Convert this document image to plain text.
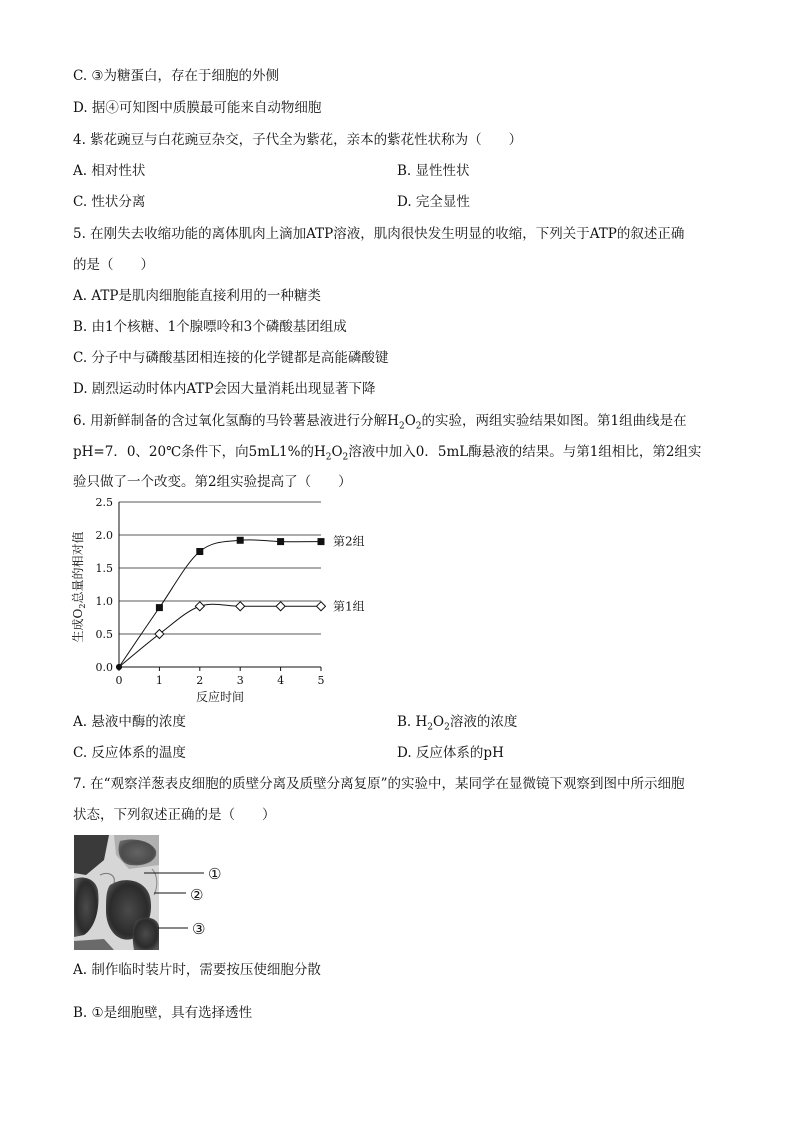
C. ③为糖蛋白，存在于细胞的外侧
D. 据④可知图中质膜最可能来自动物细胞
4. 紫花豌豆与白花豌豆杂交，子代全为紫花，亲本的紫花性状称为（　　）
A. 相对性状	B. 显性性状
C. 性状分离	D. 完全显性
5. 在刚失去收缩功能的离体肌肉上滴加ATP溶液，肌肉很快发生明显的收缩，下列关于ATP的叙述正确
的是（　　）
A. ATP是肌肉细胞能直接利用的一种糖类
B. 由1个核糖、1个腺嘌呤和3个磷酸基团组成
C. 分子中与磷酸基团相连接的化学键都是高能磷酸键
D. 剧烈运动时体内ATP会因大量消耗出现显著下降
6. 用新鲜制备的含过氧化氢酶的马铃薯悬液进行分解$H_2O_2$的实验，两组实验结果如图。第1组曲线是在
pH=7．0、20℃条件下，向5mL1%的$H_2O_2$溶液中加入0．5mL酶悬液的结果。与第1组相比，第2组实
验只做了一个改变。第2组实验提高了（　　）
生成$O_2$总量的相对值
反应时间
0.0
0.5
1.0
1.5
2.0
2.5
0	1	2	3	4	5
第2组
第1组
A. 悬液中酶的浓度	B. $H_2O_2$溶液的浓度
C. 反应体系的温度	D. 反应体系的pH
7. 在“观察洋葱表皮细胞的质壁分离及质壁分离复原”的实验中，某同学在显微镜下观察到图中所示细胞
状态，下列叙述正确的是（　　）
①
②
③
A. 制作临时装片时，需要按压使细胞分散
B. ①是细胞壁，具有选择透性
